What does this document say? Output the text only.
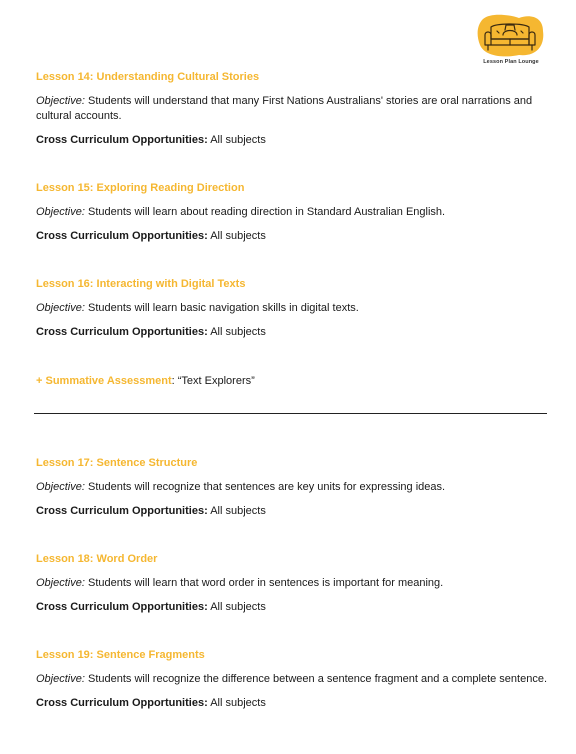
Lesson Plan Lounge

Lesson 14: Understanding Cultural Stories

Objective: Students will understand that many First Nations Australians' stories are oral narrations and cultural accounts.

Cross Curriculum Opportunities: All subjects

Lesson 15: Exploring Reading Direction

Objective: Students will learn about reading direction in Standard Australian English.

Cross Curriculum Opportunities: All subjects

Lesson 16: Interacting with Digital Texts

Objective: Students will learn basic navigation skills in digital texts.

Cross Curriculum Opportunities: All subjects

+ Summative Assessment: “Text Explorers”

Lesson 17: Sentence Structure

Objective: Students will recognize that sentences are key units for expressing ideas.

Cross Curriculum Opportunities: All subjects

Lesson 18: Word Order

Objective: Students will learn that word order in sentences is important for meaning.

Cross Curriculum Opportunities: All subjects

Lesson 19: Sentence Fragments

Objective: Students will recognize the difference between a sentence fragment and a complete sentence.

Cross Curriculum Opportunities: All subjects
